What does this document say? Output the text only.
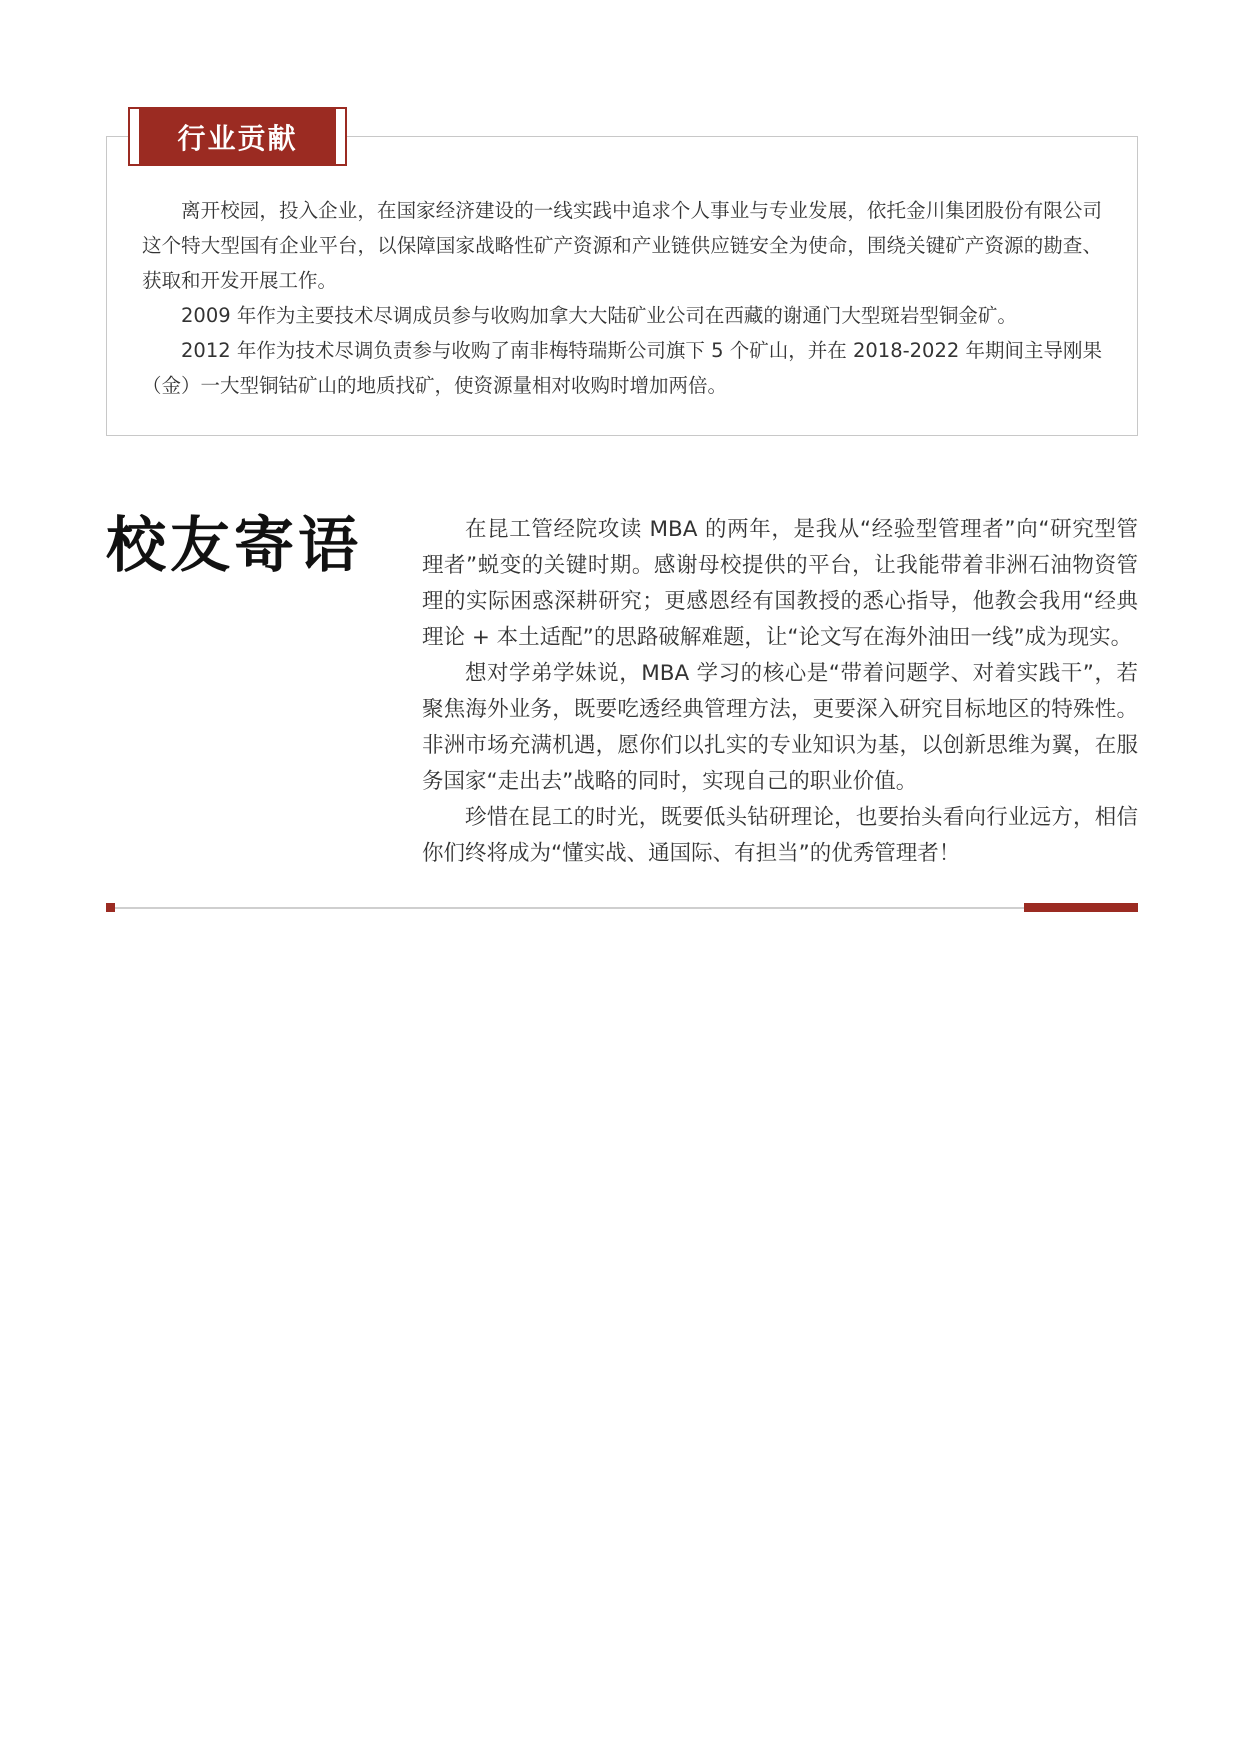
行业贡献

离开校园，投入企业，在国家经济建设的一线实践中追求个人事业与专业发展，依托金川集团股份有限公司这个特大型国有企业平台，以保障国家战略性矿产资源和产业链供应链安全为使命，围绕关键矿产资源的勘查、获取和开发开展工作。

2009 年作为主要技术尽调成员参与收购加拿大大陆矿业公司在西藏的谢通门大型斑岩型铜金矿。

2012 年作为技术尽调负责参与收购了南非梅特瑞斯公司旗下 5 个矿山，并在 2018-2022 年期间主导刚果（金）一大型铜钴矿山的地质找矿，使资源量相对收购时增加两倍。

校友寄语	在昆工管经院攻读 MBA 的两年，是我从“经验型管理者”向“研究型管理者”蜕变的关键时期。感谢母校提供的平台，让我能带着非洲石油物资管理的实际困惑深耕研究；更感恩经有国教授的悉心指导，他教会我用“经典理论 + 本土适配”的思路破解难题，让“论文写在海外油田一线”成为现实。

想对学弟学妹说，MBA 学习的核心是“带着问题学、对着实践干”，若聚焦海外业务，既要吃透经典管理方法，更要深入研究目标地区的特殊性。非洲市场充满机遇，愿你们以扎实的专业知识为基，以创新思维为翼，在服务国家“走出去”战略的同时，实现自己的职业价值。

珍惜在昆工的时光，既要低头钻研理论，也要抬头看向行业远方，相信你们终将成为“懂实战、通国际、有担当”的优秀管理者！
